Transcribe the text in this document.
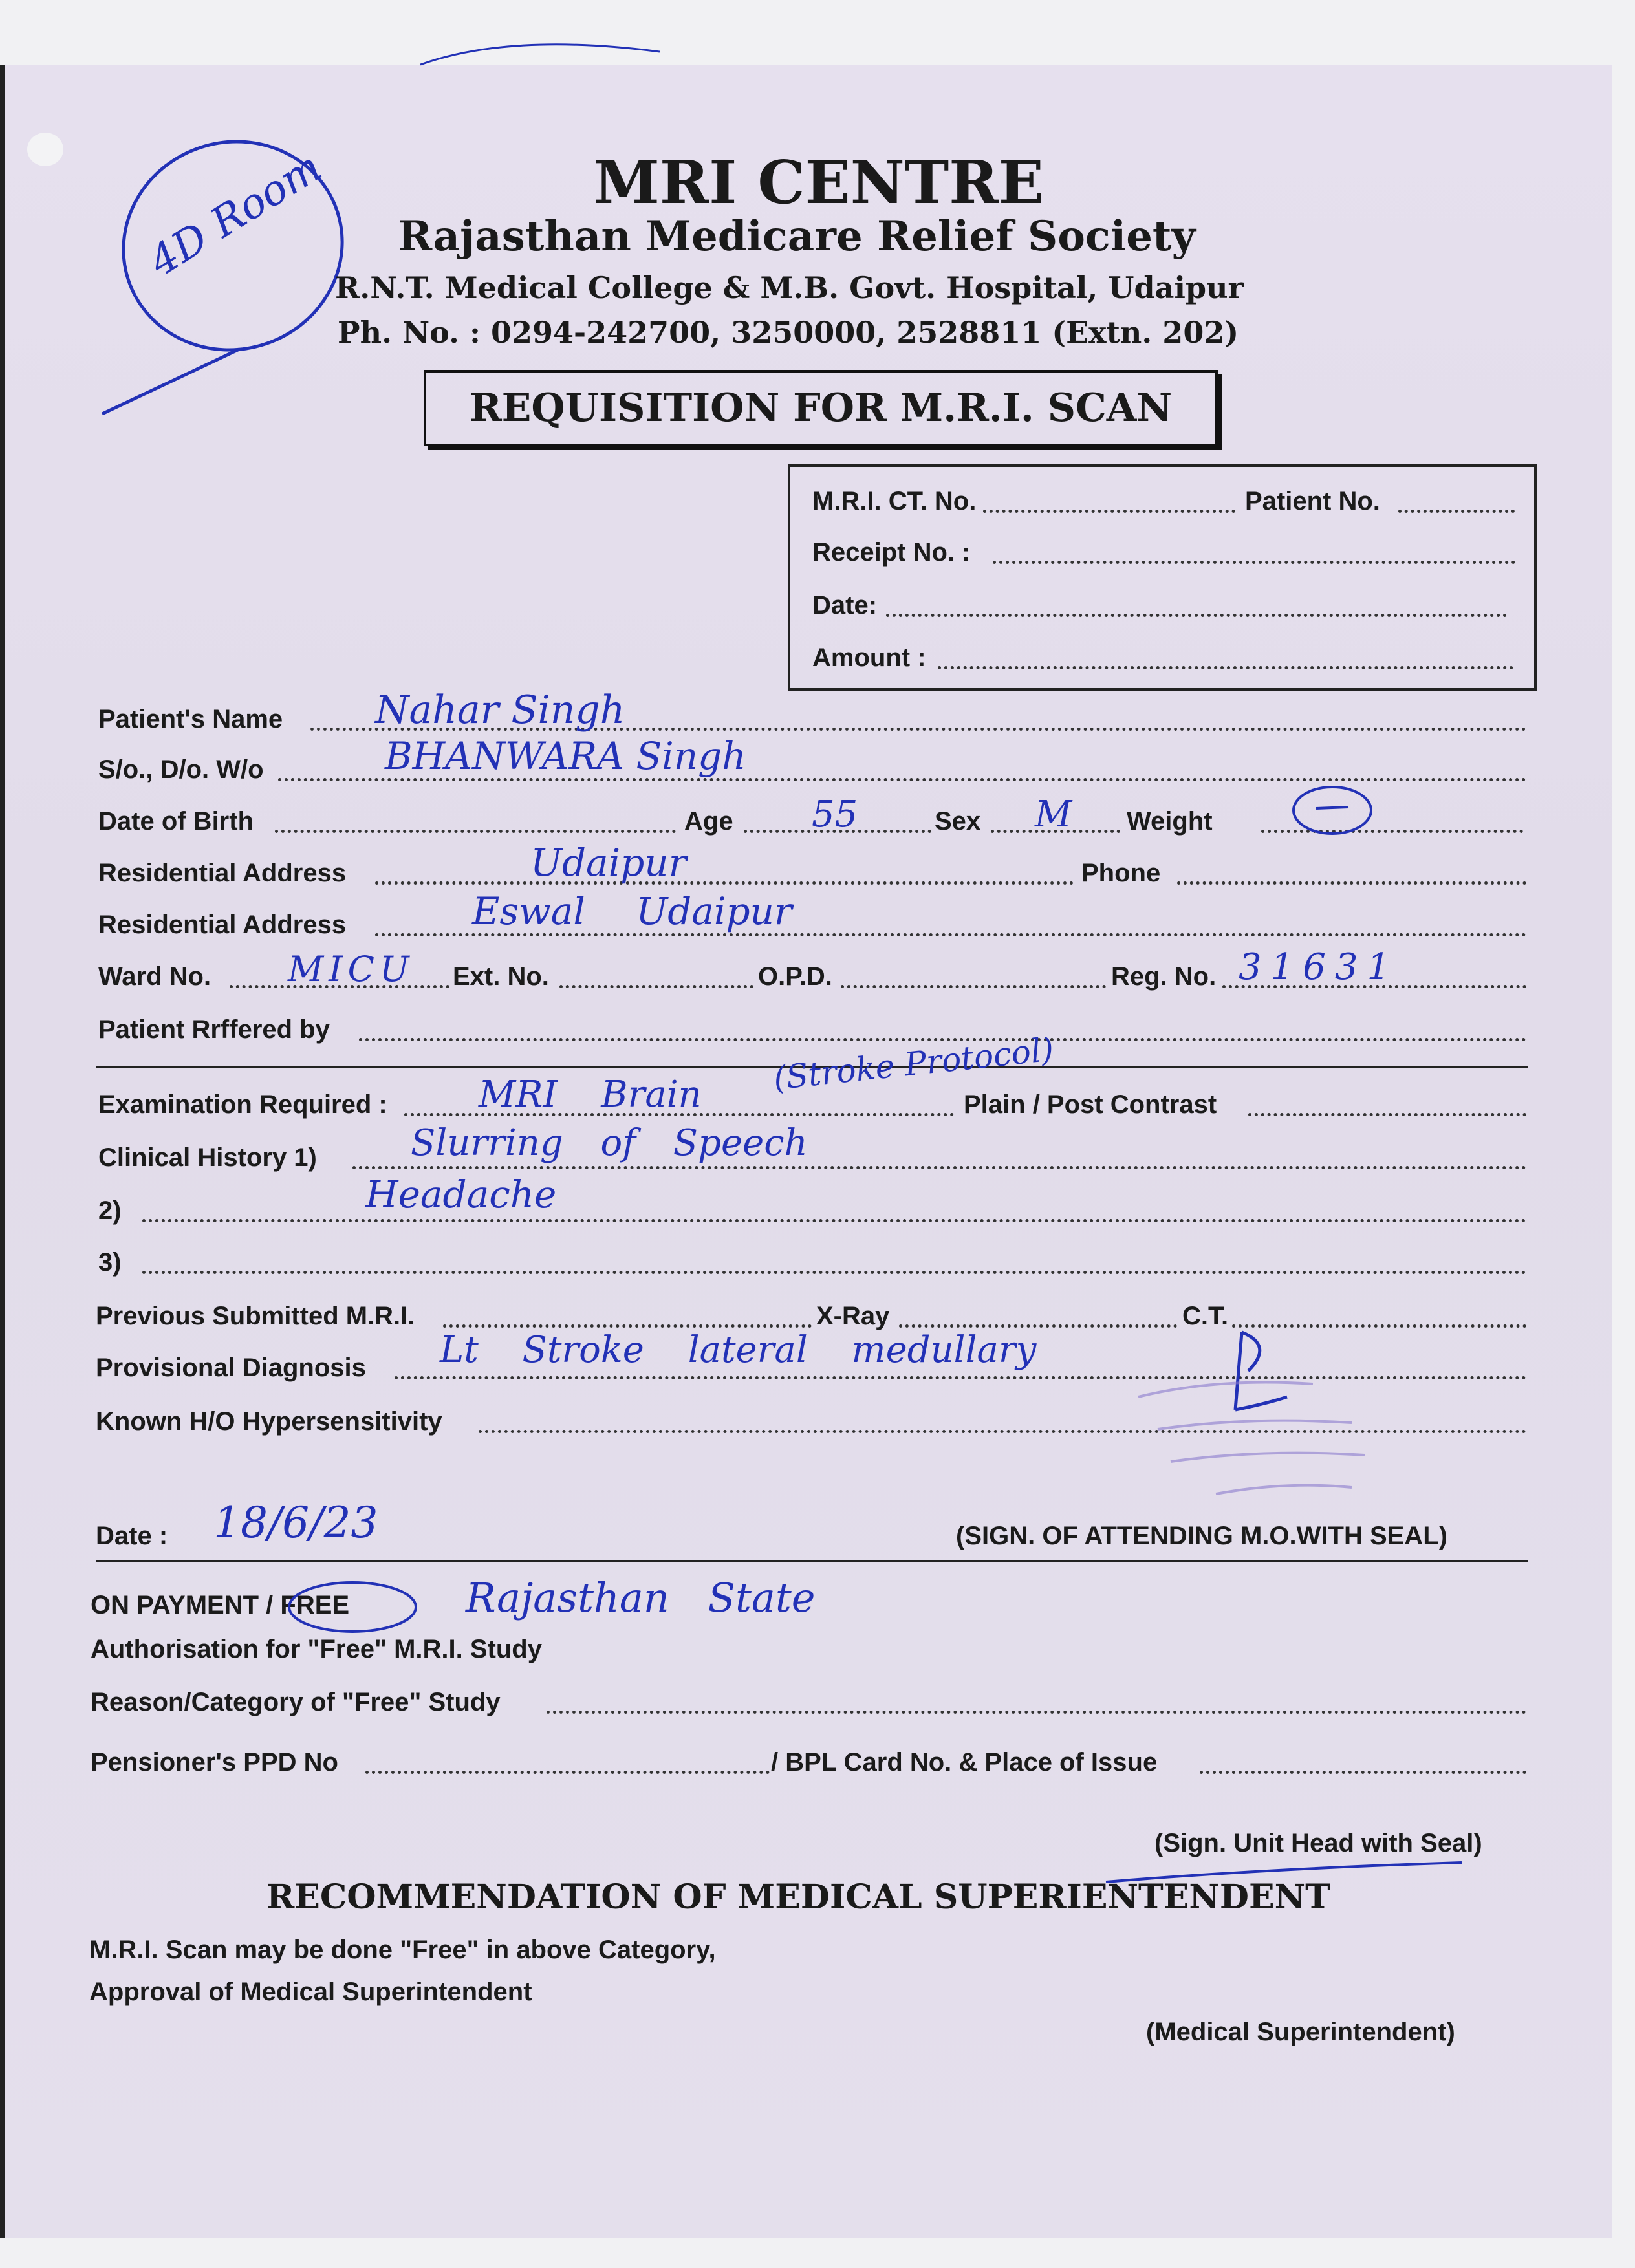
4D Room	MRI CENTRE
Rajasthan Medicare Relief Society
R.N.T. Medical College & M.B. Govt. Hospital, Udaipur
Ph. No. : 0294-242700, 3250000, 2528811 (Extn. 202)
REQUISITION FOR M.R.I. SCAN
M.R.I. CT. No.	Patient No.
Receipt No. :
Date:
Amount :
Patient's Name Nahar Singh
S/o., D/o. W/o	BHANWARA Singh
Date of Birth	Age 55	Sex M Weight
Residential Address	Udaipur	Phone
Residential Address	Eswal Udaipur
Ward No. MICU Ext. No.	O.P.D.	Reg. No. 31631
Patient Rrffered by
Examination Required :	MRI Brain (Stroke Protocol)
Plain / Post Contrast
Clinical History 1)	Slurring of Speech
2)	Headache
3)
Previous Submitted M.R.I.	X-Ray	C.T.
Provisional Diagnosis Lt Stroke lateral medullary
Known H/O Hypersensitivity
Date : 18/6/23	(SIGN. OF ATTENDING M.O.WITH SEAL)
ON PAYMENT / FREE	Rajasthan State
Authorisation for "Free" M.R.I. Study
Reason/Category of "Free" Study
Pensioner's PPD No	/ BPL Card No. & Place of Issue
(Sign. Unit Head with Seal)
RECOMMENDATION OF MEDICAL SUPERIENTENDENT
M.R.I. Scan may be done "Free" in above Category,
Approval of Medical Superintendent
(Medical Superintendent)
